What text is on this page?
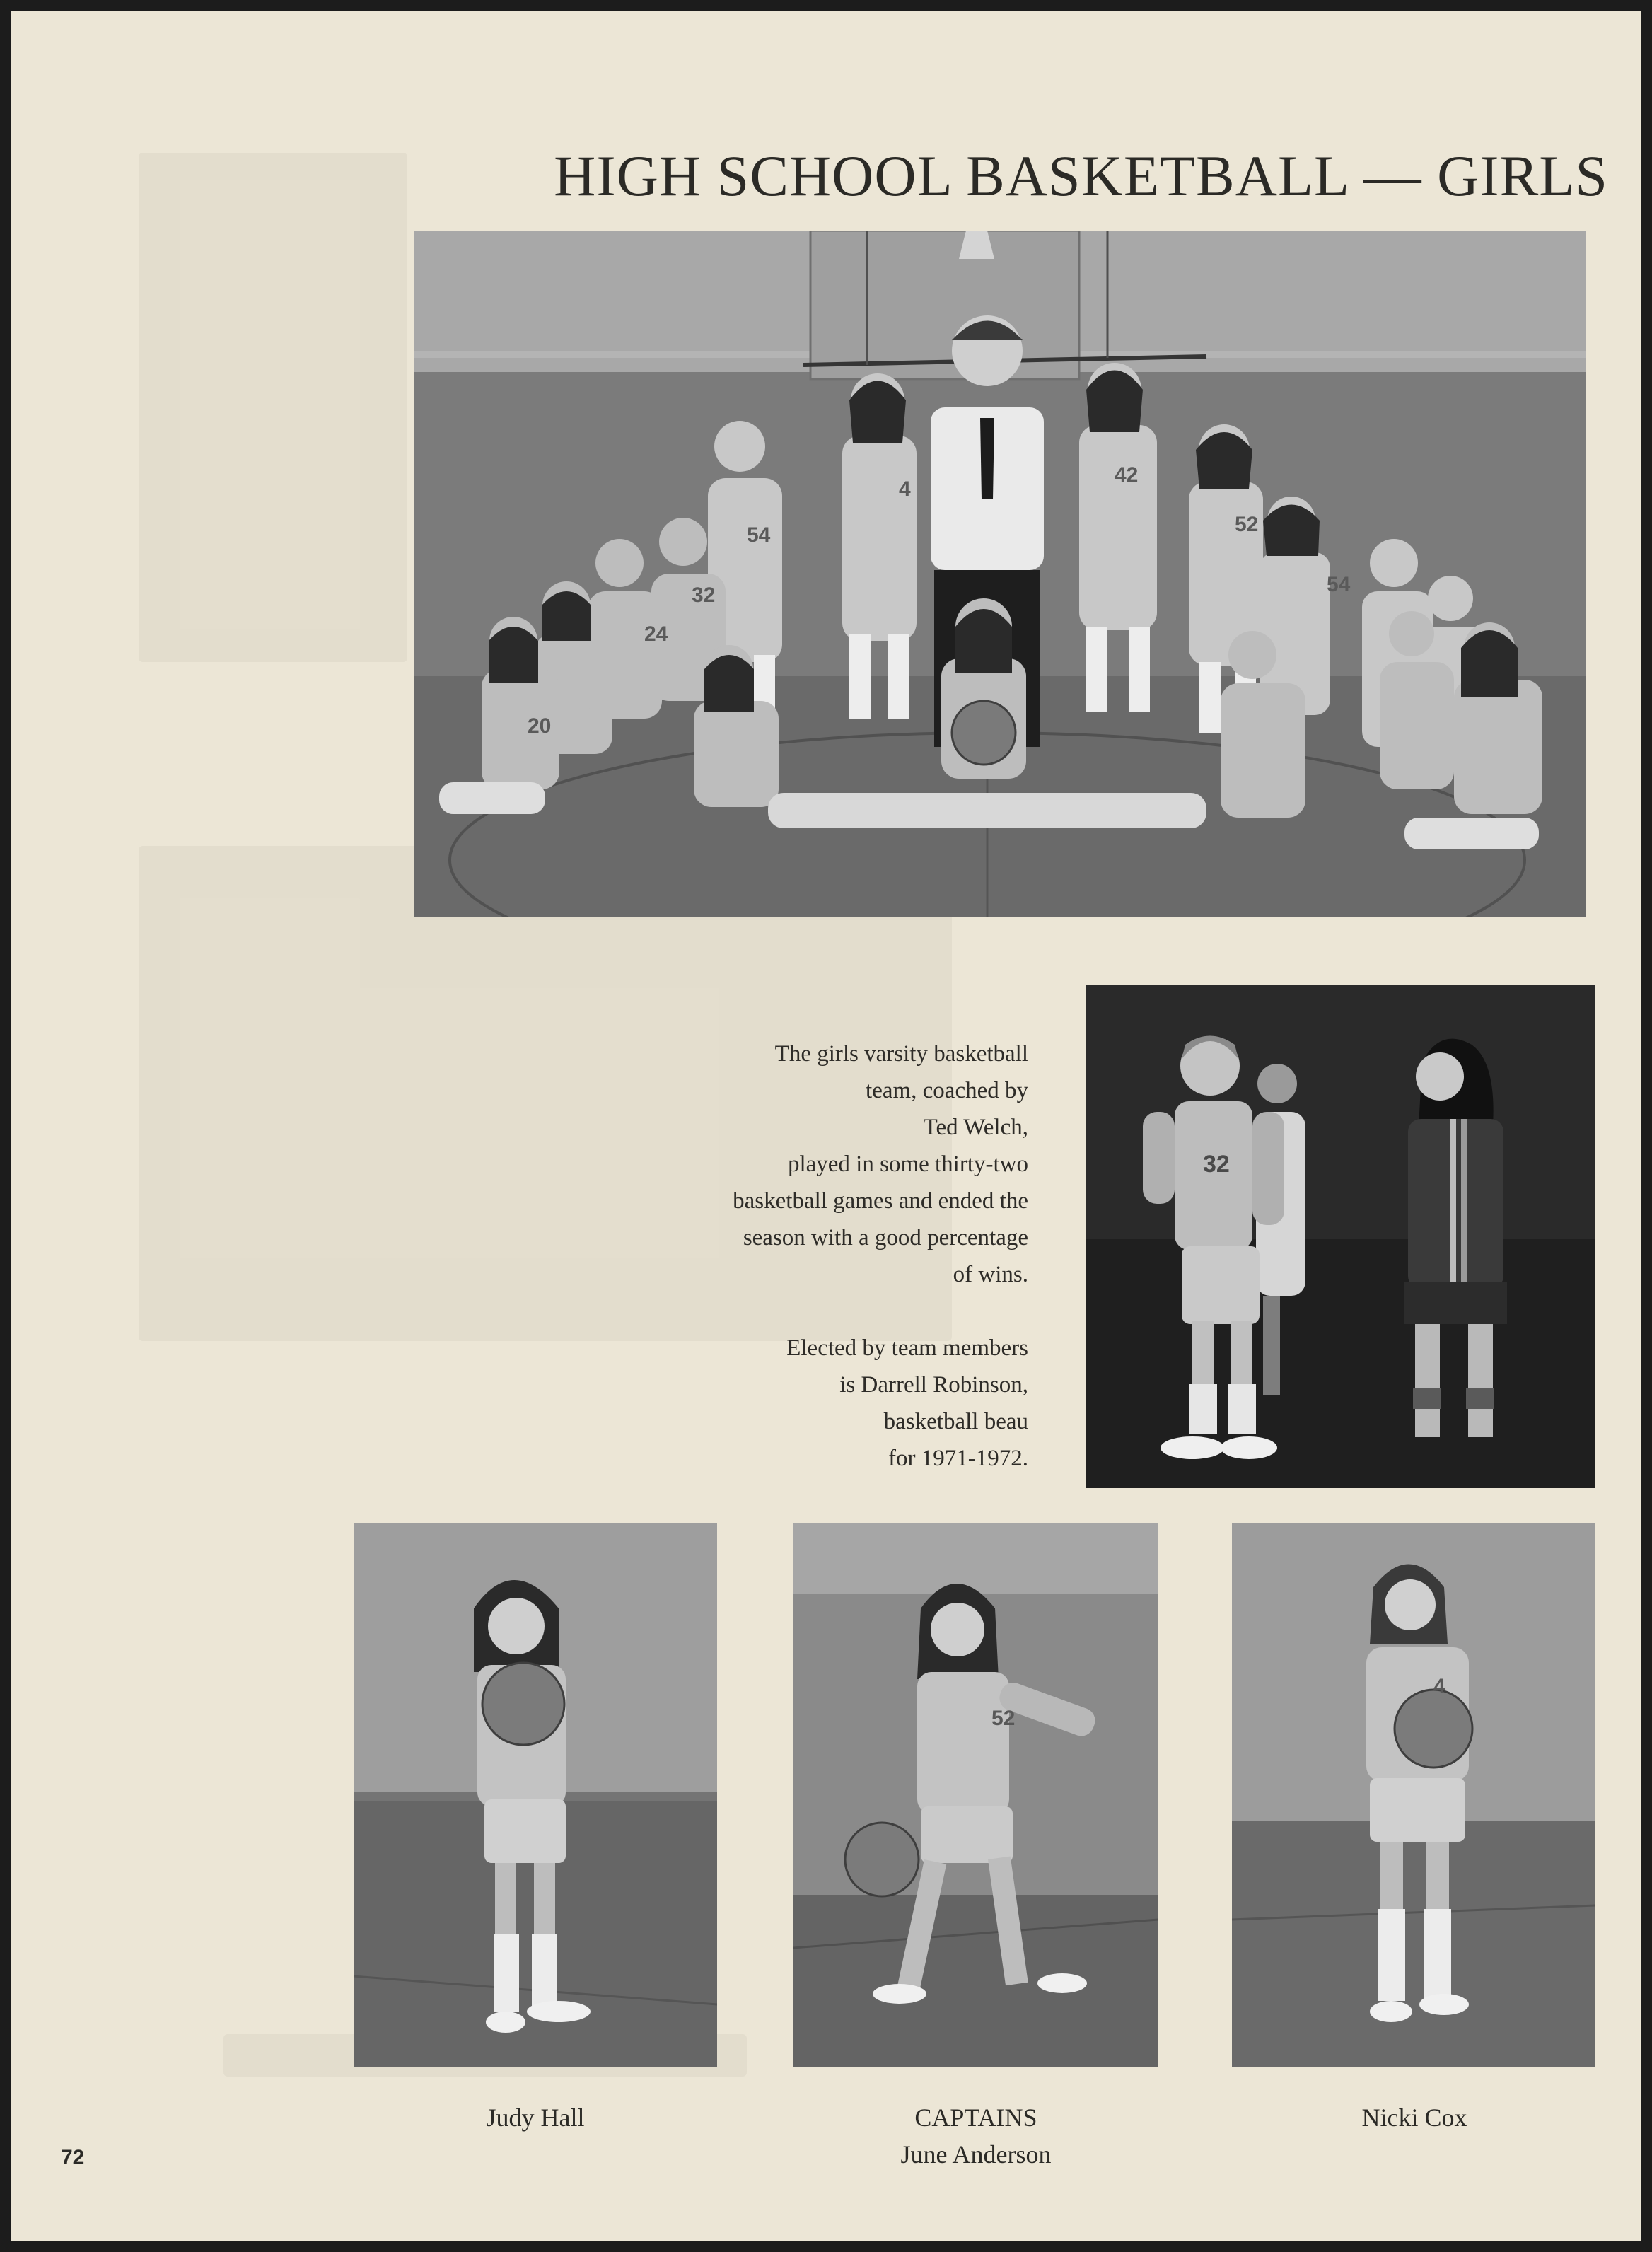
HIGH SCHOOL BASKETBALL — GIRLS
20
24
32
54
4
42
52
54

The girls varsity basketball

team, coached by

Ted Welch,

played in some thirty-two

basketball games and ended the

season with a good percentage

of wins.

Elected by team members

is Darrell Robinson,

basketball beau

for 1971-1972.

32
52
4
Judy Hall	CAPTAINS
June Anderson
Nicki Cox
72
